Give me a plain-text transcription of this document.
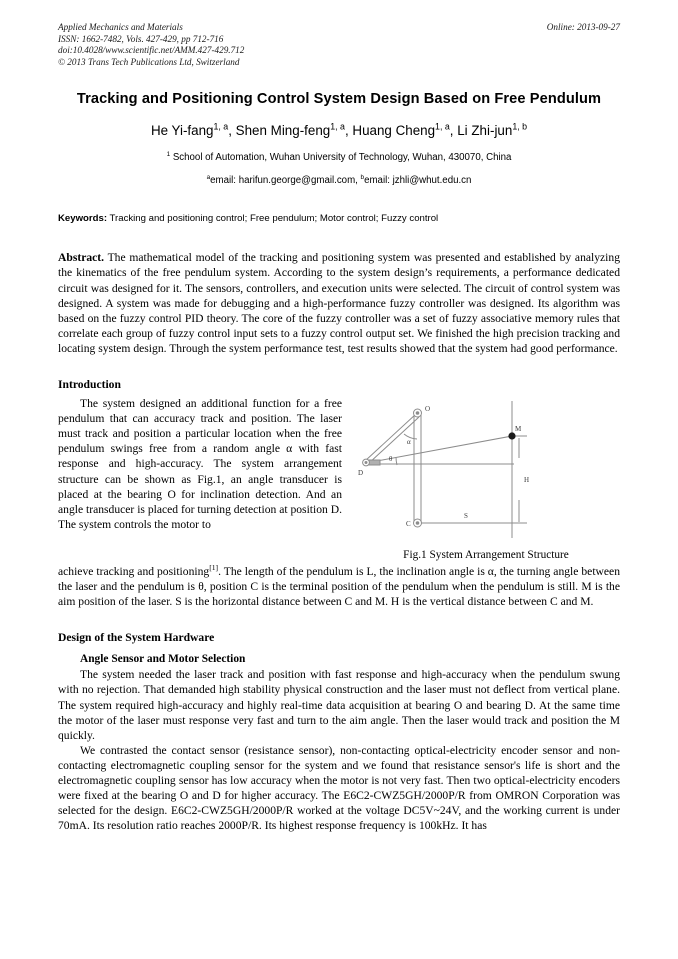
Applied Mechanics and Materials
ISSN: 1662-7482, Vols. 427-429, pp 712-716
doi:10.4028/www.scientific.net/AMM.427-429.712
© 2013 Trans Tech Publications Ltd, Switzerland
Online: 2013-09-27
Tracking and Positioning Control System Design Based on Free Pendulum
He Yi-fang$^{1, a}$, Shen Ming-feng$^{1, a}$, Huang Cheng$^{1, a}$, Li Zhi-jun$^{1, b}$
$^1$ School of Automation, Wuhan University of Technology, Wuhan, 430070, China
$^a$email: harifun.george@gmail.com, $^b$email: jzhli@whut.edu.cn
Keywords: Tracking and positioning control; Free pendulum; Motor control; Fuzzy control
Abstract. The mathematical model of the tracking and positioning system was presented and established by analyzing the kinematics of the free pendulum system. According to the system design’s requirements, a performance dedicated circuit was designed for it. The sensors, controllers, and execution units were selected. The circuit of control system was designed. A system was made for debugging and a high-performance fuzzy controller was designed. Its algorithm was based on the fuzzy control PID theory. The core of the fuzzy controller was a set of fuzzy associative memory rules that correlate each group of fuzzy control input sets to a fuzzy control output set. We finished the high precision tracking and locating system design. Through the system performance test, test results showed that the system had good performance.
Introduction
O
D
C
M
H
S
α
θ
Fig.1 System Arrangement Structure

The system designed an additional function for a free pendulum that can accuracy track and position. The laser must track and position a particular location when the free pendulum swings free from a random angle α with fast response and high-accuracy. The system arrangement structure can be shown as Fig.1, an angle transducer is placed at the bearing O for inclination detection. And an angle transducer is placed for turning detection at position D. The system controls the motor to

achieve tracking and positioning[1]. The length of the pendulum is L, the inclination angle is α, the turning angle between the laser and the pendulum is θ, position C is the terminal position of the pendulum when the pendulum is still. M is the aim position of the laser. S is the horizontal distance between C and M. H is the vertical distance between C and M.

Design of the System Hardware
Angle Sensor and Motor Selection

The system needed the laser track and position with fast response and high-accuracy when the pendulum swung with no rejection. That demanded high stability physical construction and the laser must not deflect from vertical plane. The system required high-accuracy and highly real-time data acquisition at bearing O and bearing D. At the same time the motor of the laser must response very fast and turn to the aim angle. Then the laser would track and position the M quickly.

We contrasted the contact sensor (resistance sensor), non-contacting optical-electricity encoder sensor and non-contacting electromagnetic coupling sensor for the system and we found that resistance sensor's life is short and the electromagnetic coupling sensor has low accuracy when the motor is not very fast. Then two optical-electricity encoders were fixed at the bearing O and D for higher accuracy. The E6C2-CWZ5GH/2000P/R from OMRON Corporation was selected for the design. E6C2-CWZ5GH/2000P/R worked at the voltage DC5V~24V, and the working current is under 70mA. Its resolution ratio reaches 2000P/R. Its highest response frequency is 100kHz. It has
